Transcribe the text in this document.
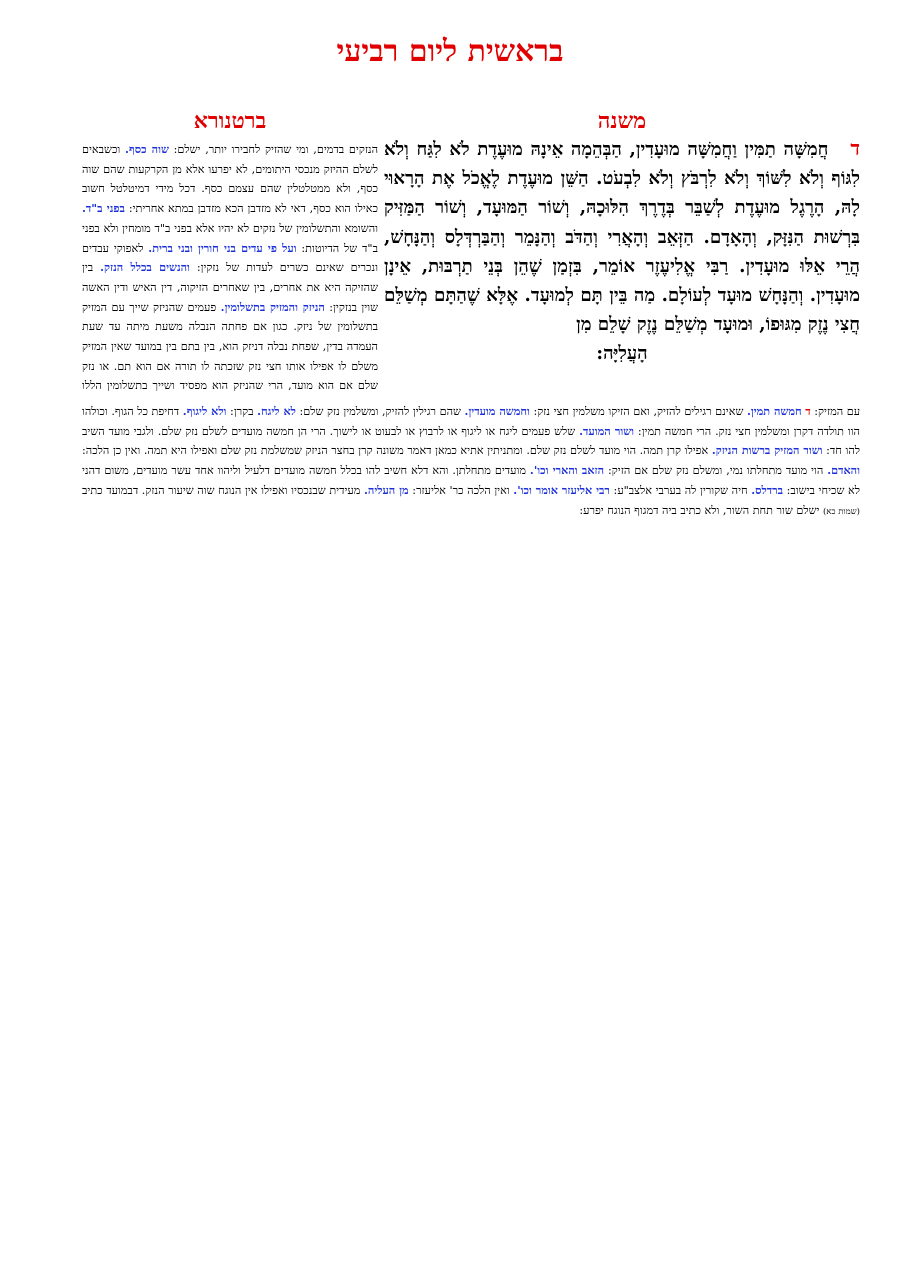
בראשית ליום רביעי
משנה
ברטנורא
דחֲמִשָּׁה תַמִּין וַחֲמִשָּׁה מוּעָדִין, הַבְּהֵמָה אֵינָהּ מוּעֶדֶת לֹא לִגַּח וְלֹא לִגּוֹף וְלֹא לִשּׁוֹךְ וְלֹא לִרְבֹּץ וְלֹא לִבְעֹט. הַשֵּׁן מוּעֶדֶת לֶאֱכֹל אֶת הָרָאוּי לָהּ, הָרֶגֶל מוּעֶדֶת לְשַׁבֵּר בְּדֶרֶךְ הִלּוּכָהּ, וְשׁוֹר הַמּוּעָד, וְשׁוֹר הַמַּזִּיק בִּרְשׁוּת הַנִּזָּק, וְהָאָדָם. הַזְּאֵב וְהָאֲרִי וְהַדֹּב וְהַנָּמֵר וְהַבַּרְדְּלָס וְהַנָּחָשׁ, הֲרֵי אֵלּוּ מוּעָדִין. רַבִּי אֱלִיעֶזֶר אוֹמֵר, בִּזְמַן שֶׁהֵן בְּנֵי תַרְבּוּת, אֵינָן מוּעָדִין. וְהַנָּחָשׁ מוּעָד לְעוֹלָם. מַה בֵּין תָּם לְמוּעָד. אֶלָּא שֶׁהַתָּם מְשַׁלֵּם חֲצִי נֶזֶק מִגּוּפוֹ, וּמוּעָד מְשַׁלֵּם נֶזֶק שָׁלֵם מִן
הָעֲלִיָּה:
הנזקים בדמים, ומי שהזיק לחבירו יותר, ישלם: שוה כסף. וכשבאים לשלם ההיזק מנכסי היתומים, לא יפרעו אלא מן הקרקעות שהם שוה כסף, ולא ממטלטלין שהם עצמם כסף. דכל מידי דמיטלטל חשוב כאילו הוא כסף, דאי לא מזדבן הכא מזדבן במתא אחריתי: בפני ב"ד. והשומא והתשלומין של נזקים לא יהיו אלא בפני ב"ד מומחין ולא בפני ב"ד של הדיוטות: ועל פי עדים בני חורין ובני ברית. לאפוקי עבדים ונכרים שאינם כשרים לעדות של נזקין: והנשים בכלל הנזק. בין שהזיקה היא את אחרים, בין שאחרים הזיקוה, דין האיש ודין האשה שוין בנזקין: הניזק והמזיק בתשלומין. פעמים שהניזק שייך עם המזיק בתשלומין של ניזק. כגון אם פחתה הנבלה משעת מיתה עד שעת העמדה בדין, שפחת נבלה דניזק הוא, בין בתם בין במועד שאין המזיק משלם לו אפילו אותו חצי נזק שזכתה לו תורה אם הוא תם. או נזק שלם אם הוא מועד, הרי שהניזק הוא מפסיד ושייך בתשלומין הללו
עם המזיק: ד חמשה תמין. שאינם רגילים להזיק, ואם הזיקו משלמין חצי נזק: וחמשה מועדין. שהם רגילין להזיק, ומשלמין נזק שלם: לא ליגח. בקרן: ולא ליגוף. דחיפת כל הגוף. וכולהו הוו תולדה דקרן ומשלמין חצי נזק. הרי חמשה תמין: ושור המועד. שלש פעמים ליגח או ליגוף או לרבוץ או לבעוט או לישוך. הרי הן חמשה מועדים לשלם נזק שלם. ולגבי מועד השיב להו חד: ושור המזיק ברשות הניזק. אפילו קרן תמה. הוי מועד לשלם נזק שלם. ומתניתין אתיא כמאן דאמר משונה קרן בחצר הניזק שמשלמת נזק שלם ואפילו היא תמה. ואין כן הלכה: והאדם. הוי מועד מתחלתו נמי, ומשלם נזק שלם אם הזיק: הזאב והארי וכו'. מועדים מתחלתן. והא דלא חשיב להו בכלל חמשה מועדים דלעיל וליהוו אחד עשר מועדים, משום דהני לא שכיחי בישוב: ברדלס. חיה שקורין לה בערבי אלצב"ע: רבי אליעזר אומר וכו'. ואין הלכה כר' אליעזר: מן העליה. מעידית שבנכסיו ואפילו אין הנוגח שוה שיעור הנזק. דבמועד כתיב (שמות כא) ישלם שור תחת השור, ולא כתיב ביה דמגוף הנוגח יפרע:
